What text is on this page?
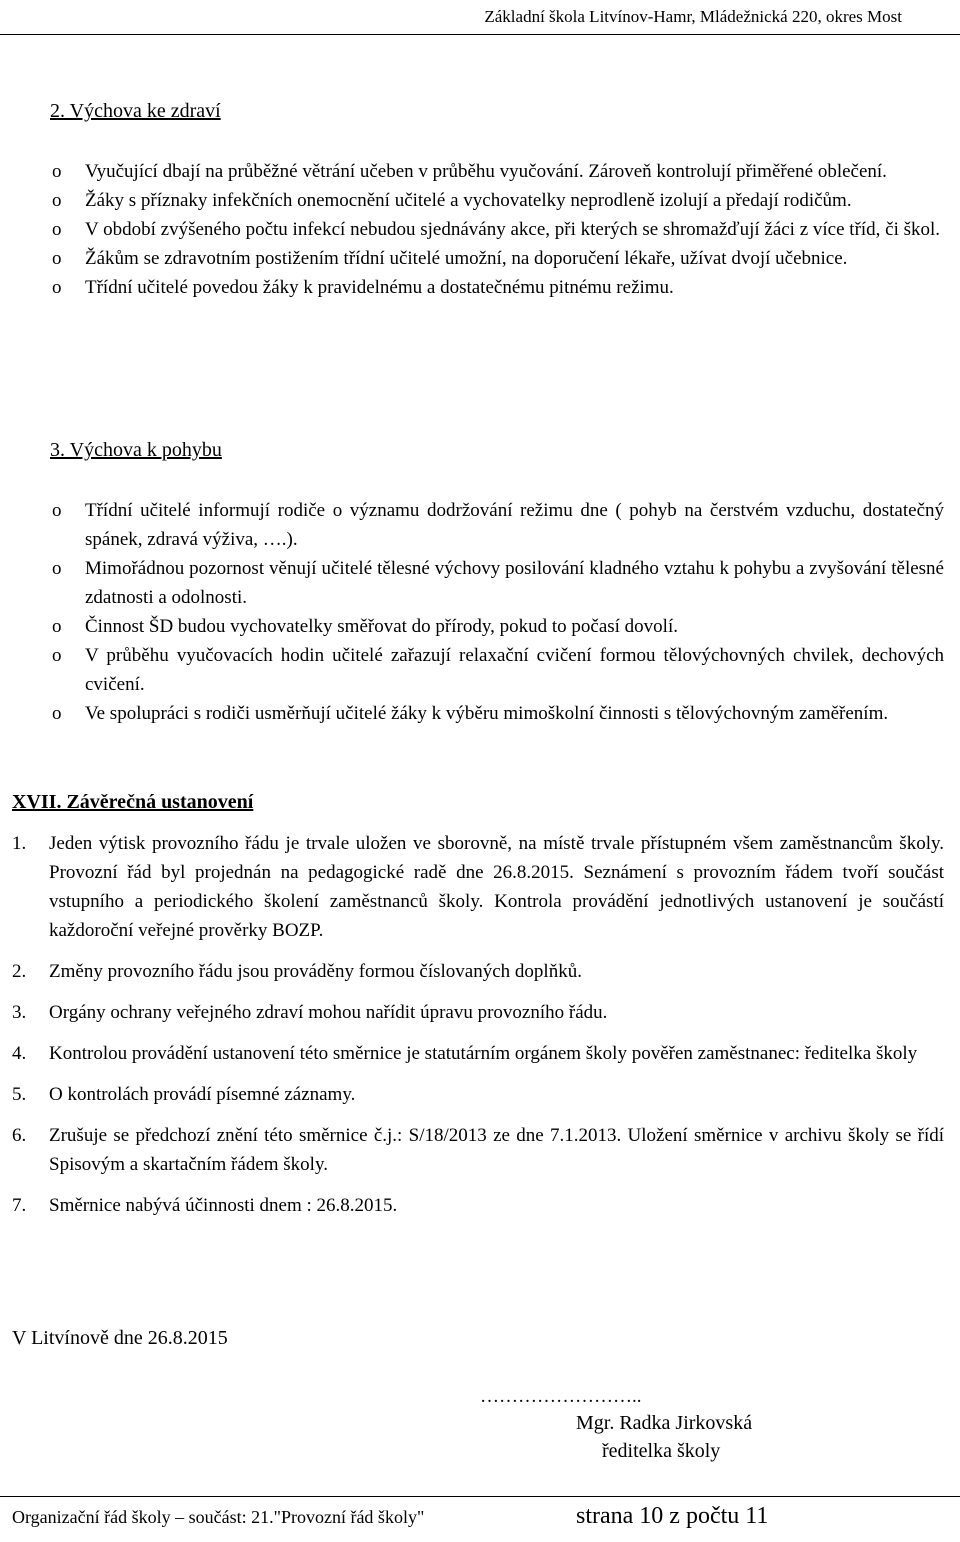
Základní škola Litvínov-Hamr, Mládežnická 220, okres Most
2. Výchova ke zdraví
o	Vyučující dbají na průběžné větrání učeben v průběhu vyučování. Zároveň kontrolují přiměřené oblečení.
o	Žáky s příznaky infekčních onemocnění učitelé a vychovatelky neprodleně izolují a předají rodičům.
o	V období zvýšeného počtu infekcí nebudou sjednávány akce, při kterých se shromažďují žáci z více tříd, či škol.
o	Žákům se zdravotním postižením třídní učitelé umožní, na doporučení lékaře, užívat dvojí učebnice.
o	Třídní učitelé povedou žáky k pravidelnému a dostatečnému pitnému režimu.
3. Výchova k pohybu
o	Třídní učitelé informují rodiče o významu dodržování režimu dne ( pohyb na čerstvém vzduchu, dostatečný spánek, zdravá výživa, ….).
o	Mimořádnou pozornost věnují učitelé tělesné výchovy posilování kladného vztahu k pohybu a zvyšování tělesné zdatnosti a odolnosti.
o	Činnost ŠD budou vychovatelky směřovat do přírody, pokud to počasí dovolí.
o	V průběhu vyučovacích hodin učitelé zařazují relaxační cvičení formou tělovýchovných chvilek, dechových cvičení.
o	Ve spolupráci s rodiči usměrňují učitelé žáky k výběru mimoškolní činnosti s tělovýchovným zaměřením.
XVII. Závěrečná ustanovení
1. Jeden výtisk provozního řádu je trvale uložen ve sborovně, na místě trvale přístupném všem zaměstnancům školy. Provozní řád byl projednán na pedagogické radě dne 26.8.2015. Seznámení s provozním řádem tvoří součást vstupního a periodického školení zaměstnanců školy. Kontrola provádění jednotlivých ustanovení je součástí každoroční veřejné prověrky BOZP.
2. Změny provozního řádu jsou prováděny formou číslovaných doplňků.
3. Orgány ochrany veřejného zdraví mohou nařídit úpravu provozního řádu.
4. Kontrolou provádění ustanovení této směrnice je statutárním orgánem školy pověřen zaměstnanec: ředitelka školy
5. O kontrolách provádí písemné záznamy.
6. Zrušuje se předchozí znění této směrnice č.j.: S/18/2013 ze dne 7.1.2013. Uložení směrnice v archivu školy se řídí Spisovým a skartačním řádem školy.
7. Směrnice nabývá účinnosti dnem : 26.8.2015.
V Litvínově dne 26.8.2015
……………………..
Mgr. Radka Jirkovská
ředitelka školy
Organizační řád školy – součást: 21."Provozní řád školy"	strana 10 z počtu 11
